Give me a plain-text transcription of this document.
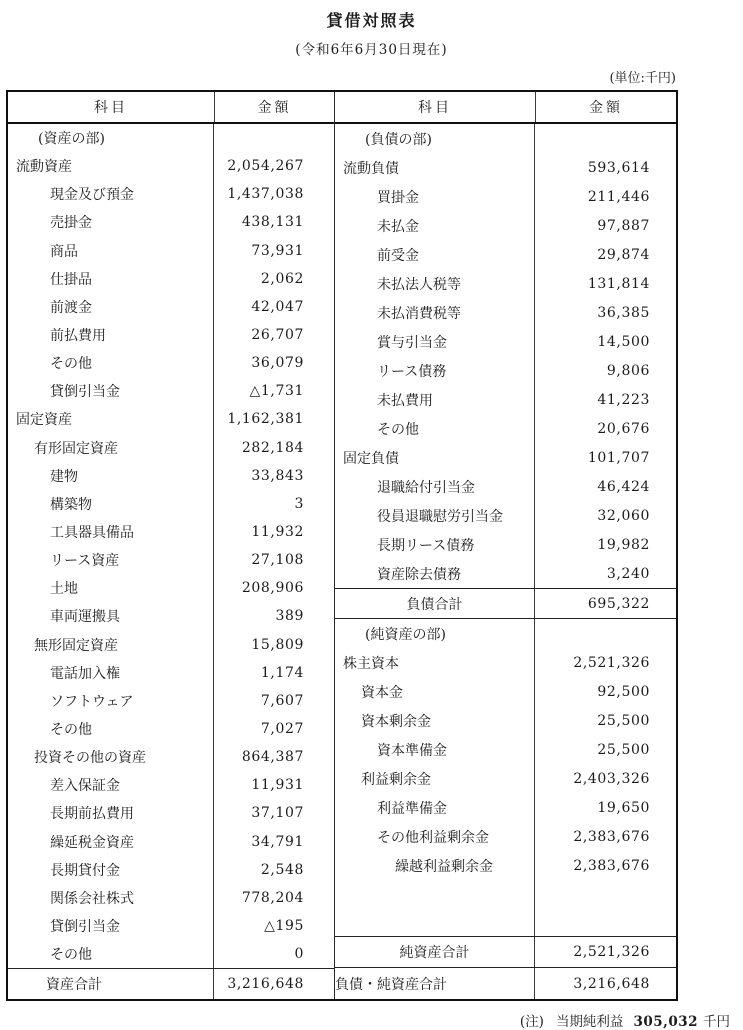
貸借対照表
(令和6年6月30日現在)
(単位:千円)
科目	金額
(資産の部)
流動資産	2,054,267
現金及び預金	1,437,038
売掛金	438,131
商品	73,931
仕掛品	2,062
前渡金	42,047
前払費用	26,707
その他	36,079
貸倒引当金	△1,731
固定資産	1,162,381
有形固定資産	282,184
建物	33,843
構築物	3
工具器具備品	11,932
リース資産	27,108
土地	208,906
車両運搬具	389
無形固定資産	15,809
電話加入権	1,174
ソフトウェア	7,607
その他	7,027
投資その他の資産	864,387
差入保証金	11,931
長期前払費用	37,107
繰延税金資産	34,791
長期貸付金	2,548
関係会社株式	778,204
貸倒引当金	△195
その他	0
資産合計	3,216,648
科目	金額
(負債の部)
流動負債	593,614
買掛金	211,446
未払金	97,887
前受金	29,874
未払法人税等	131,814
未払消費税等	36,385
賞与引当金	14,500
リース債務	9,806
未払費用	41,223
その他	20,676
固定負債	101,707
退職給付引当金	46,424
役員退職慰労引当金	32,060
長期リース債務	19,982
資産除去債務	3,240
負債合計	695,322
(純資産の部)
株主資本	2,521,326
資本金	92,500
資本剰余金	25,500
資本準備金	25,500
利益剰余金	2,403,326
利益準備金	19,650
その他利益剰余金	2,383,676
繰越利益剰余金	2,383,676
純資産合計	2,521,326
負債・純資産合計	3,216,648
(注) 当期純利益 305,032 千円
